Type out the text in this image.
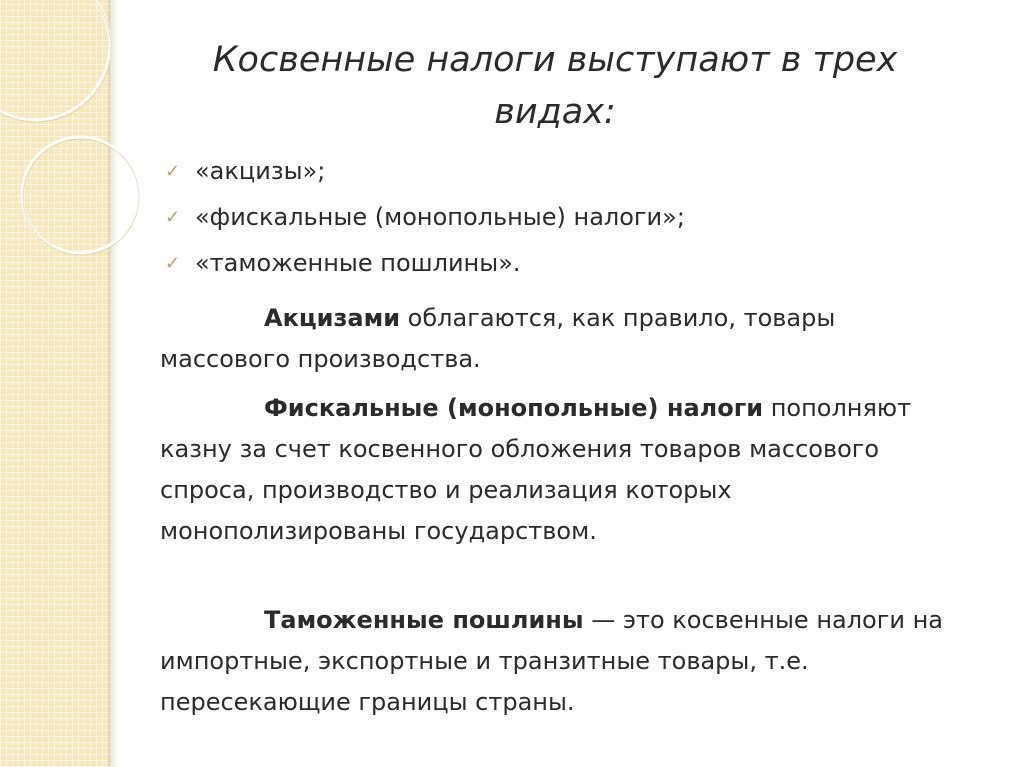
Косвенные налоги выступают в трех видах:
✓ «акцизы»;
✓ «фискальные (монопольные) налоги»;
✓ «таможенные пошлины».

Акцизами облагаются, как правило, товары массового производства.

Фискальные (монопольные) налоги пополняют казну за счет косвенного обложения товаров массового спроса, производство и реализация которых монополизированы государством.

Таможенные пошлины — это косвенные налоги на импортные, экспортные и транзитные товары, т.е. пересекающие границы страны.
